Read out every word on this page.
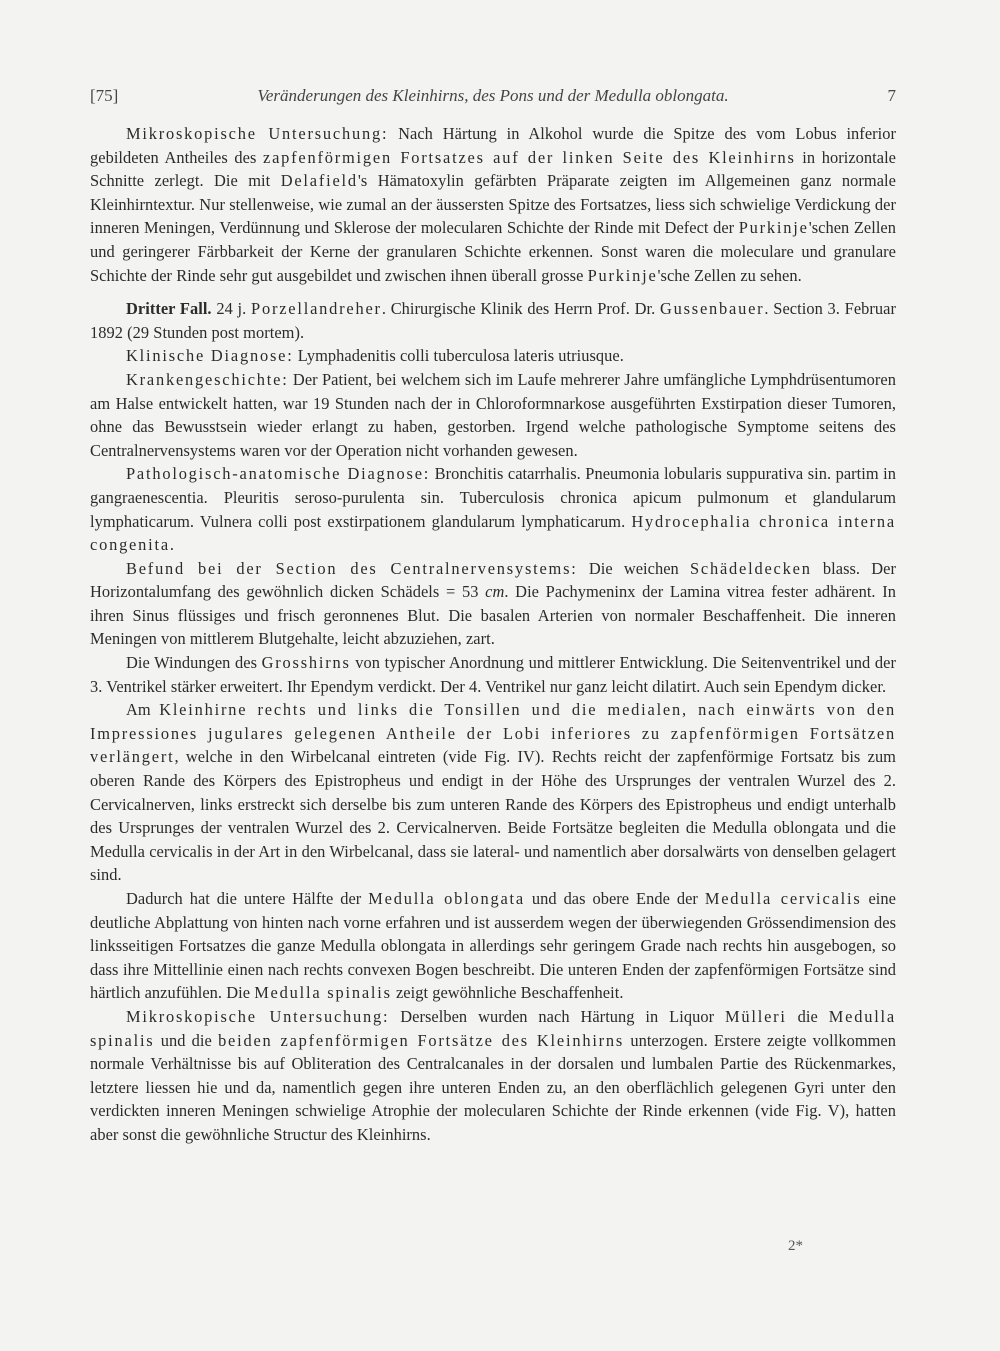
[75]	Veränderungen des Kleinhirns, des Pons und der Medulla oblongata.	7

Mikroskopische Untersuchung: Nach Härtung in Alkohol wurde die Spitze des vom Lobus inferior gebildeten Antheiles des zapfenförmigen Fortsatzes auf der linken Seite des Kleinhirns in horizontale Schnitte zerlegt. Die mit Delafield's Hämatoxylin gefärbten Präparate zeigten im Allgemeinen ganz normale Kleinhirntextur. Nur stellenweise, wie zumal an der äussersten Spitze des Fortsatzes, liess sich schwielige Verdickung der inneren Meningen, Verdünnung und Sklerose der molecularen Schichte der Rinde mit Defect der Purkinje'schen Zellen und geringerer Färbbarkeit der Kerne der granularen Schichte erkennen. Sonst waren die moleculare und granulare Schichte der Rinde sehr gut ausgebildet und zwischen ihnen überall grosse Purkinje'sche Zellen zu sehen.

Dritter Fall. 24 j. Porzellandreher. Chirurgische Klinik des Herrn Prof. Dr. Gussenbauer. Section 3. Februar 1892 (29 Stunden post mortem).

Klinische Diagnose: Lymphadenitis colli tuberculosa lateris utriusque.

Krankengeschichte: Der Patient, bei welchem sich im Laufe mehrerer Jahre umfängliche Lymphdrüsentumoren am Halse entwickelt hatten, war 19 Stunden nach der in Chloroformnarkose ausgeführten Exstirpation dieser Tumoren, ohne das Bewusstsein wieder erlangt zu haben, gestorben. Irgend welche pathologische Symptome seitens des Centralnervensystems waren vor der Operation nicht vorhanden gewesen.

Pathologisch-anatomische Diagnose: Bronchitis catarrhalis. Pneumonia lobularis suppurativa sin. partim in gangraenescentia. Pleuritis seroso-purulenta sin. Tuberculosis chronica apicum pulmonum et glandularum lymphaticarum. Vulnera colli post exstirpationem glandularum lymphaticarum. Hydrocephalia chronica interna congenita.

Befund bei der Section des Centralnervensystems: Die weichen Schädeldecken blass. Der Horizontalumfang des gewöhnlich dicken Schädels = 53 cm. Die Pachymeninx der Lamina vitrea fester adhärent. In ihren Sinus flüssiges und frisch geronnenes Blut. Die basalen Arterien von normaler Beschaffenheit. Die inneren Meningen von mittlerem Blutgehalte, leicht abzuziehen, zart.

Die Windungen des Grosshirns von typischer Anordnung und mittlerer Entwicklung. Die Seitenventrikel und der 3. Ventrikel stärker erweitert. Ihr Ependym verdickt. Der 4. Ventrikel nur ganz leicht dilatirt. Auch sein Ependym dicker.

Am Kleinhirne rechts und links die Tonsillen und die medialen, nach einwärts von den Impressiones jugulares gelegenen Antheile der Lobi inferiores zu zapfenförmigen Fortsätzen verlängert, welche in den Wirbelcanal eintreten (vide Fig. IV). Rechts reicht der zapfenförmige Fortsatz bis zum oberen Rande des Körpers des Epistropheus und endigt in der Höhe des Ursprunges der ventralen Wurzel des 2. Cervicalnerven, links erstreckt sich derselbe bis zum unteren Rande des Körpers des Epistropheus und endigt unterhalb des Ursprunges der ventralen Wurzel des 2. Cervicalnerven. Beide Fortsätze begleiten die Medulla oblongata und die Medulla cervicalis in der Art in den Wirbelcanal, dass sie lateral- und namentlich aber dorsalwärts von denselben gelagert sind.

Dadurch hat die untere Hälfte der Medulla oblongata und das obere Ende der Medulla cervicalis eine deutliche Abplattung von hinten nach vorne erfahren und ist ausserdem wegen der überwiegenden Grössendimension des linksseitigen Fortsatzes die ganze Medulla oblongata in allerdings sehr geringem Grade nach rechts hin ausgebogen, so dass ihre Mittellinie einen nach rechts convexen Bogen beschreibt. Die unteren Enden der zapfenförmigen Fortsätze sind härtlich anzufühlen. Die Medulla spinalis zeigt gewöhnliche Beschaffenheit.

Mikroskopische Untersuchung: Derselben wurden nach Härtung in Liquor Mülleri die Medulla spinalis und die beiden zapfenförmigen Fortsätze des Kleinhirns unterzogen. Erstere zeigte vollkommen normale Verhältnisse bis auf Obliteration des Centralcanales in der dorsalen und lumbalen Partie des Rückenmarkes, letztere liessen hie und da, namentlich gegen ihre unteren Enden zu, an den oberflächlich gelegenen Gyri unter den verdickten inneren Meningen schwielige Atrophie der molecularen Schichte der Rinde erkennen (vide Fig. V), hatten aber sonst die gewöhnliche Structur des Kleinhirns.

2*
